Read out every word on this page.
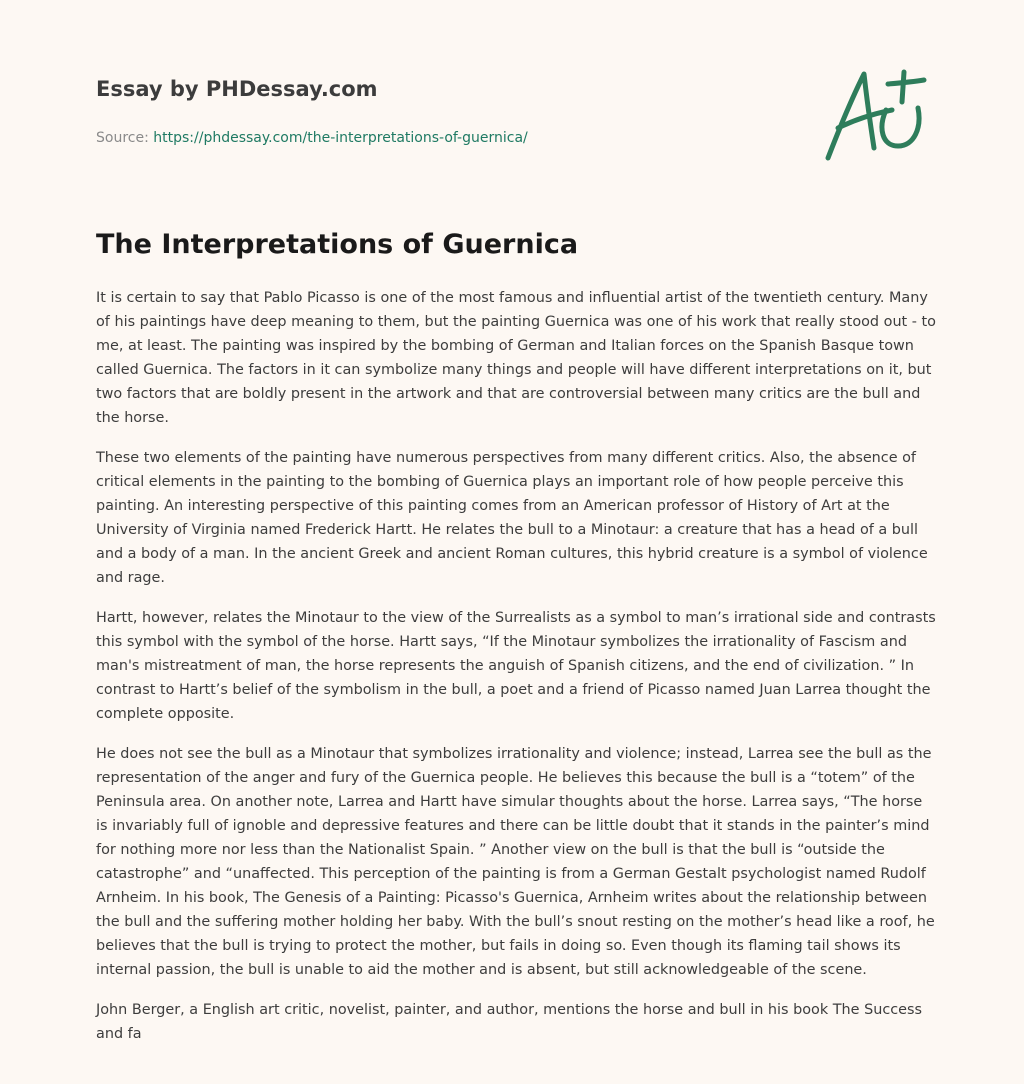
Essay by PHDessay.com
Source: https://phdessay.com/the-interpretations-of-guernica/
The Interpretations of Guernica

It is certain to say that Pablo Picasso is one of the most famous and influential artist of the twentieth century. Many of his paintings have deep meaning to them, but the painting Guernica was one of his work that really stood out - to me, at least. The painting was inspired by the bombing of German and Italian forces on the Spanish Basque town called Guernica. The factors in it can symbolize many things and people will have different interpretations on it, but two factors that are boldly present in the artwork and that are controversial between many critics are the bull and the horse.

These two elements of the painting have numerous perspectives from many different critics. Also, the absence of critical elements in the painting to the bombing of Guernica plays an important role of how people perceive this painting. An interesting perspective of this painting comes from an American professor of History of Art at the University of Virginia named Frederick Hartt. He relates the bull to a Minotaur: a creature that has a head of a bull and a body of a man. In the ancient Greek and ancient Roman cultures, this hybrid creature is a symbol of violence and rage.

Hartt, however, relates the Minotaur to the view of the Surrealists as a symbol to man’s irrational side and contrasts this symbol with the symbol of the horse. Hartt says, “If the Minotaur symbolizes the irrationality of Fascism and man's mistreatment of man, the horse represents the anguish of Spanish citizens, and the end of civilization. ” In contrast to Hartt’s belief of the symbolism in the bull, a poet and a friend of Picasso named Juan Larrea thought the complete opposite.

He does not see the bull as a Minotaur that symbolizes irrationality and violence; instead, Larrea see the bull as the representation of the anger and fury of the Guernica people. He believes this because the bull is a “totem” of the Peninsula area. On another note, Larrea and Hartt have simular thoughts about the horse. Larrea says, “The horse is invariably full of ignoble and depressive features and there can be little doubt that it stands in the painter’s mind for nothing more nor less than the Nationalist Spain. ” Another view on the bull is that the bull is “outside the catastrophe” and “unaffected. This perception of the painting is from a German Gestalt psychologist named Rudolf Arnheim. In his book, The Genesis of a Painting: Picasso's Guernica, Arnheim writes about the relationship between the bull and the suffering mother holding her baby. With the bull’s snout resting on the mother’s head like a roof, he believes that the bull is trying to protect the mother, but fails in doing so. Even though its flaming tail shows its internal passion, the bull is unable to aid the mother and is absent, but still acknowledgeable of the scene.

John Berger, a English art critic, novelist, painter, and author, mentions the horse and bull in his book The Success and fa
